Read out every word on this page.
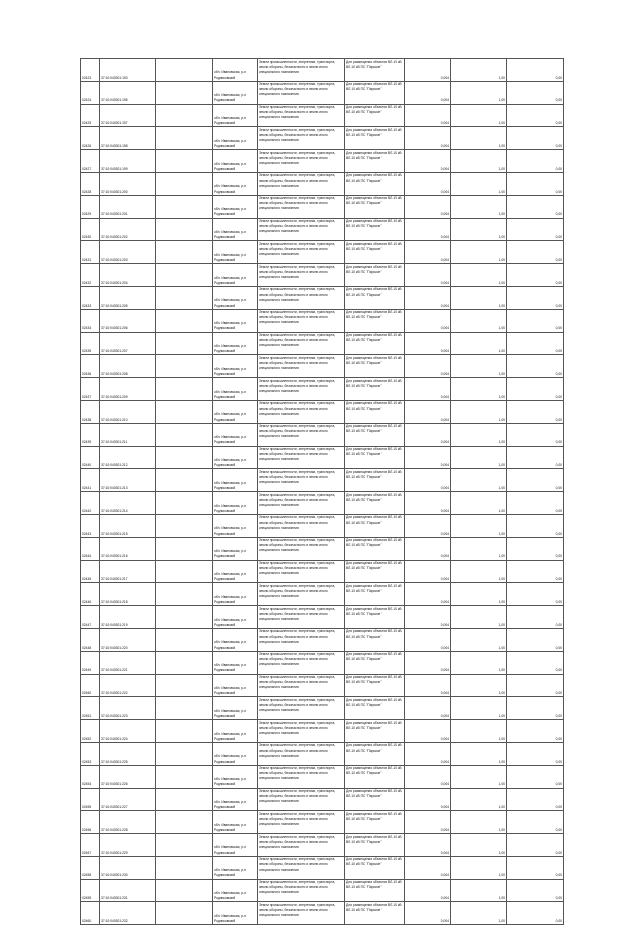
02423	37:10:040301:193		обл. Ивановская, р-н Родниковский	Земли промышленности, энергетики, транспорта, земли обороны, безопасности и земли иного специального назначения	Для размещения объектов ВЛ-10 кВ ВЛ-10 кВ ПС "Парское"	0,004	1,00	0,00
02424	37:10:040301:196		обл. Ивановская, р-н Родниковский	Земли промышленности, энергетики, транспорта, земли обороны, безопасности и земли иного специального назначения	Для размещения объектов ВЛ-10 кВ ВЛ-10 кВ ПС "Парское"	0,004	1,00	0,00
02425	37:10:040301:197		обл. Ивановская, р-н Родниковский	Земли промышленности, энергетики, транспорта, земли обороны, безопасности и земли иного специального назначения	Для размещения объектов ВЛ-10 кВ ВЛ-10 кВ ПС "Парское"	0,004	1,00	0,00
02426	37:10:040301:198		обл. Ивановская, р-н Родниковский	Земли промышленности, энергетики, транспорта, земли обороны, безопасности и земли иного специального назначения	Для размещения объектов ВЛ-10 кВ ВЛ-10 кВ ПС "Парское"	0,004	1,00	0,00
02427	37:10:040301:199		обл. Ивановская, р-н Родниковский	Земли промышленности, энергетики, транспорта, земли обороны, безопасности и земли иного специального назначения	Для размещения объектов ВЛ-10 кВ ВЛ-10 кВ ПС "Парское"	0,004	1,00	0,00
02428	37:10:040301:200		обл. Ивановская, р-н Родниковский	Земли промышленности, энергетики, транспорта, земли обороны, безопасности и земли иного специального назначения	Для размещения объектов ВЛ-10 кВ ВЛ-10 кВ ПС "Парское"	0,004	1,00	0,00
02429	37:10:040301:201		обл. Ивановская, р-н Родниковский	Земли промышленности, энергетики, транспорта, земли обороны, безопасности и земли иного специального назначения	Для размещения объектов ВЛ-10 кВ ВЛ-10 кВ ПС "Парское"	0,004	1,00	0,00
02430	37:10:040301:202		обл. Ивановская, р-н Родниковский	Земли промышленности, энергетики, транспорта, земли обороны, безопасности и земли иного специального назначения	Для размещения объектов ВЛ-10 кВ ВЛ-10 кВ ПС "Парское"	0,004	1,00	0,00
02431	37:10:040301:203		обл. Ивановская, р-н Родниковский	Земли промышленности, энергетики, транспорта, земли обороны, безопасности и земли иного специального назначения	Для размещения объектов ВЛ-10 кВ ВЛ-10 кВ ПС "Парское"	0,004	1,00	0,00
02432	37:10:040301:204		обл. Ивановская, р-н Родниковский	Земли промышленности, энергетики, транспорта, земли обороны, безопасности и земли иного специального назначения	Для размещения объектов ВЛ-10 кВ ВЛ-10 кВ ПС "Парское"	0,004	1,00	0,00
02433	37:10:040301:205		обл. Ивановская, р-н Родниковский	Земли промышленности, энергетики, транспорта, земли обороны, безопасности и земли иного специального назначения	Для размещения объектов ВЛ-10 кВ ВЛ-10 кВ ПС "Парское"	0,004	1,00	0,00
02434	37:10:040301:206		обл. Ивановская, р-н Родниковский	Земли промышленности, энергетики, транспорта, земли обороны, безопасности и земли иного специального назначения	Для размещения объектов ВЛ-10 кВ ВЛ-10 кВ ПС "Парское"	0,004	1,00	0,00
02435	37:10:040301:207		обл. Ивановская, р-н Родниковский	Земли промышленности, энергетики, транспорта, земли обороны, безопасности и земли иного специального назначения	Для размещения объектов ВЛ-10 кВ ВЛ-10 кВ ПС "Парское"	0,004	1,00	0,00
02436	37:10:040301:208		обл. Ивановская, р-н Родниковский	Земли промышленности, энергетики, транспорта, земли обороны, безопасности и земли иного специального назначения	Для размещения объектов ВЛ-10 кВ ВЛ-10 кВ ПС "Парское"	0,004	1,00	0,00
02437	37:10:040301:209		обл. Ивановская, р-н Родниковский	Земли промышленности, энергетики, транспорта, земли обороны, безопасности и земли иного специального назначения	Для размещения объектов ВЛ-10 кВ ВЛ-10 кВ ПС "Парское"	0,004	1,00	0,00
02438	37:10:040301:210		обл. Ивановская, р-н Родниковский	Земли промышленности, энергетики, транспорта, земли обороны, безопасности и земли иного специального назначения	Для размещения объектов ВЛ-10 кВ ВЛ-10 кВ ПС "Парское"	0,004	1,00	0,00
02439	37:10:040301:211		обл. Ивановская, р-н Родниковский	Земли промышленности, энергетики, транспорта, земли обороны, безопасности и земли иного специального назначения	Для размещения объектов ВЛ-10 кВ ВЛ-10 кВ ПС "Парское"	0,004	1,00	0,00
02440	37:10:040301:212		обл. Ивановская, р-н Родниковский	Земли промышленности, энергетики, транспорта, земли обороны, безопасности и земли иного специального назначения	Для размещения объектов ВЛ-10 кВ ВЛ-10 кВ ПС "Парское"	0,004	1,00	0,00
02441	37:10:040301:213		обл. Ивановская, р-н Родниковский	Земли промышленности, энергетики, транспорта, земли обороны, безопасности и земли иного специального назначения	Для размещения объектов ВЛ-10 кВ ВЛ-10 кВ ПС "Парское"	0,004	1,00	0,00
02442	37:10:040301:214		обл. Ивановская, р-н Родниковский	Земли промышленности, энергетики, транспорта, земли обороны, безопасности и земли иного специального назначения	Для размещения объектов ВЛ-10 кВ ВЛ-10 кВ ПС "Парское"	0,004	1,00	0,00
02443	37:10:040301:215		обл. Ивановская, р-н Родниковский	Земли промышленности, энергетики, транспорта, земли обороны, безопасности и земли иного специального назначения	Для размещения объектов ВЛ-10 кВ ВЛ-10 кВ ПС "Парское"	0,004	1,00	0,00
02444	37:10:040301:216		обл. Ивановская, р-н Родниковский	Земли промышленности, энергетики, транспорта, земли обороны, безопасности и земли иного специального назначения	Для размещения объектов ВЛ-10 кВ ВЛ-10 кВ ПС "Парское"	0,004	1,00	0,00
02445	37:10:040301:217		обл. Ивановская, р-н Родниковский	Земли промышленности, энергетики, транспорта, земли обороны, безопасности и земли иного специального назначения	Для размещения объектов ВЛ-10 кВ ВЛ-10 кВ ПС "Парское"	0,004	1,00	0,00
02446	37:10:040301:218		обл. Ивановская, р-н Родниковский	Земли промышленности, энергетики, транспорта, земли обороны, безопасности и земли иного специального назначения	Для размещения объектов ВЛ-10 кВ ВЛ-10 кВ ПС "Парское"	0,004	1,00	0,00
02447	37:10:040301:219		обл. Ивановская, р-н Родниковский	Земли промышленности, энергетики, транспорта, земли обороны, безопасности и земли иного специального назначения	Для размещения объектов ВЛ-10 кВ ВЛ-10 кВ ПС "Парское"	0,004	1,00	0,00
02448	37:10:040301:220		обл. Ивановская, р-н Родниковский	Земли промышленности, энергетики, транспорта, земли обороны, безопасности и земли иного специального назначения	Для размещения объектов ВЛ-10 кВ ВЛ-10 кВ ПС "Парское"	0,004	1,00	0,00
02449	37:10:040301:221		обл. Ивановская, р-н Родниковский	Земли промышленности, энергетики, транспорта, земли обороны, безопасности и земли иного специального назначения	Для размещения объектов ВЛ-10 кВ ВЛ-10 кВ ПС "Парское"	0,004	1,00	0,00
02450	37:10:040301:222		обл. Ивановская, р-н Родниковский	Земли промышленности, энергетики, транспорта, земли обороны, безопасности и земли иного специального назначения	Для размещения объектов ВЛ-10 кВ ВЛ-10 кВ ПС "Парское"	0,004	1,00	0,00
02451	37:10:040301:223		обл. Ивановская, р-н Родниковский	Земли промышленности, энергетики, транспорта, земли обороны, безопасности и земли иного специального назначения	Для размещения объектов ВЛ-10 кВ ВЛ-10 кВ ПС "Парское"	0,004	1,00	0,00
02452	37:10:040301:224		обл. Ивановская, р-н Родниковский	Земли промышленности, энергетики, транспорта, земли обороны, безопасности и земли иного специального назначения	Для размещения объектов ВЛ-10 кВ ВЛ-10 кВ ПС "Парское"	0,004	1,00	0,00
02453	37:10:040301:225		обл. Ивановская, р-н Родниковский	Земли промышленности, энергетики, транспорта, земли обороны, безопасности и земли иного специального назначения	Для размещения объектов ВЛ-10 кВ ВЛ-10 кВ ПС "Парское"	0,004	1,00	0,00
02454	37:10:040301:226		обл. Ивановская, р-н Родниковский	Земли промышленности, энергетики, транспорта, земли обороны, безопасности и земли иного специального назначения	Для размещения объектов ВЛ-10 кВ ВЛ-10 кВ ПС "Парское"	0,004	1,00	0,00
02455	37:10:040301:227		обл. Ивановская, р-н Родниковский	Земли промышленности, энергетики, транспорта, земли обороны, безопасности и земли иного специального назначения	Для размещения объектов ВЛ-10 кВ ВЛ-10 кВ ПС "Парское"	0,004	1,00	0,00
02456	37:10:040301:228		обл. Ивановская, р-н Родниковский	Земли промышленности, энергетики, транспорта, земли обороны, безопасности и земли иного специального назначения	Для размещения объектов ВЛ-10 кВ ВЛ-10 кВ ПС "Парское"	0,004	1,00	0,00
02457	37:10:040301:229		обл. Ивановская, р-н Родниковский	Земли промышленности, энергетики, транспорта, земли обороны, безопасности и земли иного специального назначения	Для размещения объектов ВЛ-10 кВ ВЛ-10 кВ ПС "Парское"	0,004	1,00	0,00
02458	37:10:040301:230		обл. Ивановская, р-н Родниковский	Земли промышленности, энергетики, транспорта, земли обороны, безопасности и земли иного специального назначения	Для размещения объектов ВЛ-10 кВ ВЛ-10 кВ ПС "Парское"	0,004	1,00	0,00
02459	37:10:040301:231		обл. Ивановская, р-н Родниковский	Земли промышленности, энергетики, транспорта, земли обороны, безопасности и земли иного специального назначения	Для размещения объектов ВЛ-10 кВ ВЛ-10 кВ ПС "Парское"	0,004	1,00	0,00
02460	37:10:040301:232		обл. Ивановская, р-н Родниковский	Земли промышленности, энергетики, транспорта, земли обороны, безопасности и земли иного специального назначения	Для размещения объектов ВЛ-10 кВ ВЛ-10 кВ ПС "Парское"	0,004	1,00	0,00
